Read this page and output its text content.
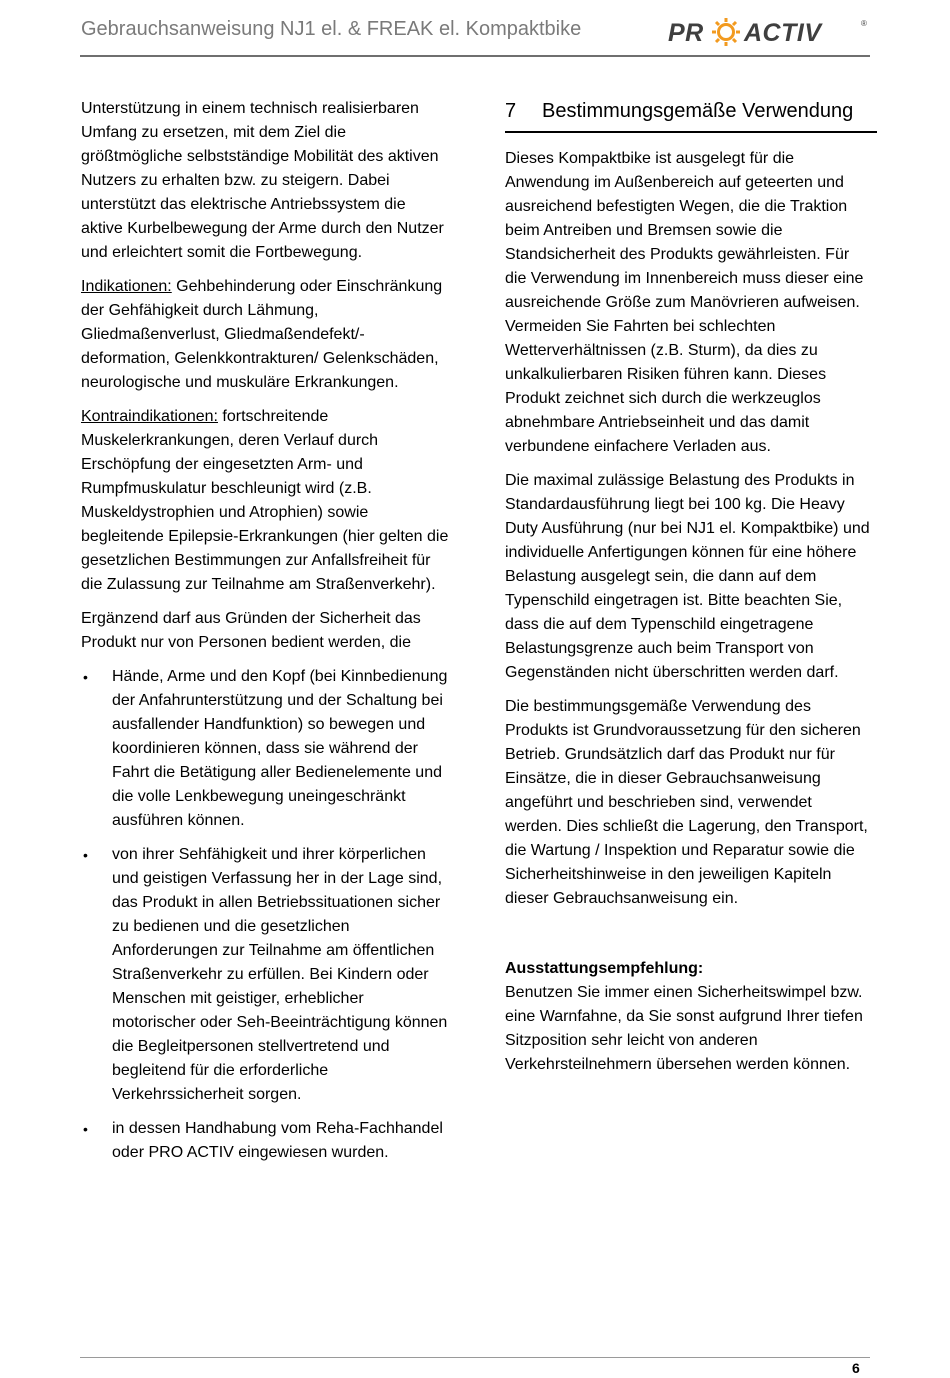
Gebrauchsanweisung NJ1 el. & FREAK el. Kompaktbike	PR ACTIV	®

Unterstützung in einem technisch realisierbaren Umfang zu ersetzen, mit dem Ziel die größtmögliche selbstständige Mobilität des aktiven Nutzers zu erhalten bzw. zu steigern. Dabei unterstützt das elektrische Antriebssystem die aktive Kurbelbewegung der Arme durch den Nutzer und erleichtert somit die Fortbewegung.

Indikationen: Gehbehinderung oder Einschränkung der Gehfähigkeit durch Lähmung, Gliedmaßenverlust, Gliedmaßendefekt/-deformation, Gelenkkontrakturen/ Gelenkschäden, neurologische und muskuläre Erkrankungen.

Kontraindikationen: fortschreitende Muskelerkrankungen, deren Verlauf durch Erschöpfung der eingesetzten Arm- und Rumpfmuskulatur beschleunigt wird (z.B. Muskeldystrophien und Atrophien) sowie begleitende Epilepsie-Erkrankungen (hier gelten die gesetzlichen Bestimmungen zur Anfallsfreiheit für die Zulassung zur Teilnahme am Straßenverkehr).

Ergänzend darf aus Gründen der Sicherheit das Produkt nur von Personen bedient werden, die

• Hände, Arme und den Kopf (bei Kinnbedienung der Anfahrunterstützung und der Schaltung bei ausfallender Handfunktion) so bewegen und koordinieren können, dass sie während der Fahrt die Betätigung aller Bedienelemente und die volle Lenkbewegung uneingeschränkt ausführen können.
• von ihrer Sehfähigkeit und ihrer körperlichen und geistigen Verfassung her in der Lage sind, das Produkt in allen Betriebssituationen sicher zu bedienen und die gesetzlichen Anforderungen zur Teilnahme am öffentlichen Straßenverkehr zu erfüllen. Bei Kindern oder Menschen mit geistiger, erheblicher motorischer oder Seh-Beeinträchtigung können die Begleitpersonen stellvertretend und begleitend für die erforderliche Verkehrssicherheit sorgen.
• in dessen Handhabung vom Reha-Fachhandel oder PRO ACTIV eingewiesen wurden.
7	Bestimmungsgemäße Verwendung

Dieses Kompaktbike ist ausgelegt für die Anwendung im Außenbereich auf geteerten und ausreichend befestigten Wegen, die die Traktion beim Antreiben und Bremsen sowie die Standsicherheit des Produkts gewährleisten. Für die Verwendung im Innenbereich muss dieser eine ausreichende Größe zum Manövrieren aufweisen. Vermeiden Sie Fahrten bei schlechten Wetterverhältnissen (z.B. Sturm), da dies zu unkalkulierbaren Risiken führen kann. Dieses Produkt zeichnet sich durch die werkzeuglos abnehmbare Antriebseinheit und das damit verbundene einfachere Verladen aus.

Die maximal zulässige Belastung des Produkts in Standardausführung liegt bei 100 kg. Die Heavy Duty Ausführung (nur bei NJ1 el. Kompaktbike) und individuelle Anfertigungen können für eine höhere Belastung ausgelegt sein, die dann auf dem Typenschild eingetragen ist. Bitte beachten Sie, dass die auf dem Typenschild eingetragene Belastungsgrenze auch beim Transport von Gegenständen nicht überschritten werden darf.

Die bestimmungsgemäße Verwendung des Produkts ist Grundvoraussetzung für den sicheren Betrieb. Grundsätzlich darf das Produkt nur für Einsätze, die in dieser Gebrauchsanweisung angeführt und beschrieben sind, verwendet werden. Dies schließt die Lagerung, den Transport, die Wartung / Inspektion und Reparatur sowie die Sicherheitshinweise in den jeweiligen Kapiteln dieser Gebrauchsanweisung ein.

Ausstattungsempfehlung:
Benutzen Sie immer einen Sicherheitswimpel bzw. eine Warnfahne, da Sie sonst aufgrund Ihrer tiefen Sitzposition sehr leicht von anderen Verkehrsteilnehmern übersehen werden können.
6
